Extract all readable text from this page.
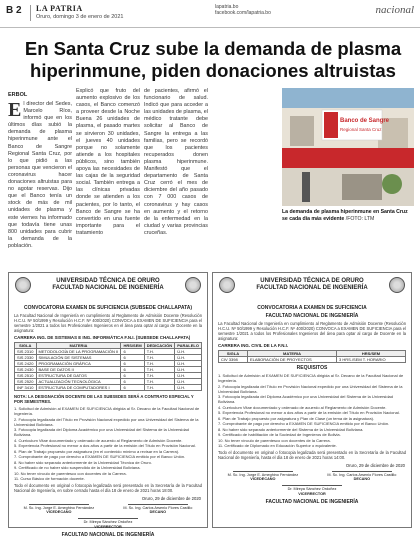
B 2 LA PATRIA
Oruro, domingo 3 de enero de 2021
lapatria.bo facebook.com/lapatria.bo	nacional
En Santa Cruz sube la demanda de plasma hiperinmune, piden donaciones altruistas
ERBOL
E l director del Sedes, Marcelo Ríos, informó que en los últimos días subió la demanda de plasma hiperinmune ante el Banco de Sangre Regional Santa Cruz, por lo que pidió a las personas que vencieron el coronavirus hacer donaciones altruistas para no agotar reservas. Dijo que el Banco tenía un stock de más de mil unidades de plasma y este viernes ha informado que todavía tiene unas 800 unidades para cubrir la demanda de la población.
Explicó que fruto del aumento explosivo de los casos, el Banco comenzó a proveer desde la Noche Buena 26 unidades de plasma, el pasado martes se sirvieron 30 unidades, el jueves 40 unidades porque no solamente atiende a los hospitales públicos, sino también apoya las necesidades de las cajas de la seguridad social. También entrega a las clínicas privadas donde se atienden a los pacientes, por lo tanto, el Banco de Sangre se ha convertido en una fuente importante para el tratamiento
de pacientes, afirmó el funcionario de salud. Indicó que para acceder a las unidades de plasma, el médico tratante debe solicitar al Banco de Sangre la entrega a las familias, pero se recordó que los pacientes recuperados donen plasma hiperinmune. Manifestó que el departamento de Santa Cruz cerró el mes de diciembre del año pasado con 7 000 casos de coronavirus y hay casos en aumento y el retorno de la enfermedad en la ciudad y varias provincias cruceñas.
Banco de Sangre
Regional Santa Cruz
La demanda de plasma hiperinmune en Santa Cruz se cada día más evidente /FOTO: LTM
UNIVERSIDAD TÉCNICA DE ORURO
FACULTAD NACIONAL DE INGENIERÍA
CONVOCATORIA EXAMEN DE SUFICIENCIA (SUBSEDE CHALLAPATA)
La Facultad Nacional de Ingeniería en cumplimiento al Reglamento de Admisión Docente (Resolución H.C.U. Nº 50/1999 y Resolución H.C.F. Nº 400/2020) CONVOCA a EXAMEN DE SUFICIENCIA para el semestre 1/2021 a todos los Profesionales Ingenieros en el área para optar al cargo de Docente en la asignatura:
CARRERA ING. DE SISTEMAS E ING. INFORMÁTICA F.N.I. (SUBSEDE CHALLAPATA)
SIGLA	MATERIA	HRS/SEM	DEDICACIÓN	PARALELO
SIS 2310	METODOLOGÍA DE LA PROGRAMACIÓN II	6	T.H.	Ú.H.
SIS 2330	SIMULACIÓN DE SISTEMAS	6	T.H.	Ú.H.
SIS 2420	PROGRAMACIÓN GRÁFICA	6	T.H.	Ú.H.
SIS 2430	BASE DE DATOS II	6	T.H.	Ú.H.
SIS 2510	ESTRUCTURA DE DATOS	6	T.H.	Ú.H.
SIS 2520	ACTUALIZACIÓN TECNOLÓGICA	6	T.H.	Ú.H.
INF 3410	ESTRUCTURA DE COMPUTADORES I	6	T.H.	Ú.H.
NOTA: LA DESIGNACIÓN DOCENTE DE LAS SUBSEDES SERÁ A CONTRATO ESPECIAL Y POR SEMESTRES.
1. Solicitud de Admisión al EXAMEN DE SUFICIENCIA dirigida al Sr. Decano de la Facultad Nacional de Ingeniería.
2. Fotocopia legalizada del Título en Provisión Nacional expedido por una Universidad del Sistema de la Universidad Boliviana.
3. Fotocopia legalizada del Diploma Académico por una Universidad del Sistema de la Universidad Boliviana.
4. Curriculum Vitae documentado y ordenado de acuerdo al Reglamento de Admisión Docente.
5. Experiencia Profesional no menor a dos años a partir de la emisión del Título en Provisión Nacional.
6. Plan de Trabajo propuesto por asignatura (en el contenido mínimo a revisar en la Carrera).
7. Comprobante de pago por derecho a EXAMEN DE SUFICIENCIA emitido por el Banco Unión.
8. No haber sido separado anteriormente de la Universidad Técnica de Oruro.
9. Certificado de no haber sido suspendido de la Universidad Boliviana.
10. No tener vínculo de parentesco con docentes de la Carrera.
11. Curso Básico de formación docente.
Todo el documento en original o fotocopia legalizada será presentado en la Secretaría de la Facultad Nacional de Ingeniería, en sobre cerrado hasta el día 18 de enero de 2021 horas 18:00.
Oruro, 29 de diciembre de 2020
M. Sc. Ing. Jorge E. Ameghino Fernández
VICEDECANO
M. Sc. Ing. Carlos Arsenio Flores Castillo
DECANO
Dr. Mireya Sánchez Ordoñez
VICERRECTOR
FACULTAD NACIONAL DE INGENIERÍA
UNIVERSIDAD TÉCNICA DE ORURO
FACULTAD NACIONAL DE INGENIERÍA
CONVOCATORIA A EXAMEN DE SUFICIENCIA
FACULTAD NACIONAL DE INGENIERÍA
La Facultad Nacional de Ingeniería en cumplimiento al Reglamento de Admisión Docente (Resolución H.C.U. Nº 50/1999 y Resolución H.C.F. Nº 400/2020) CONVOCA a EXAMEN DE SUFICIENCIA para el semestre 1/2021 a todos los Profesionales Ingenieros del área para optar al cargo de Docente en la asignatura:
CARRERA ING. CIVIL DE LA F.N.I.
SIGLA	MATERIA	HRS/SEM
CIV 3398	ELABORACIÓN DE PROYECTOS	3 HRS./SEM T. HORARIO
REQUISITOS
1. Solicitud de Admisión al EXAMEN DE SUFICIENCIA dirigida al Sr. Decano de la Facultad Nacional de Ingeniería.
2. Fotocopia legalizada del Título en Provisión Nacional expedido por una Universidad del Sistema de la Universidad Boliviana.
3. Fotocopia legalizada del Diploma Académico por una Universidad del Sistema de la Universidad Boliviana.
4. Curriculum Vitae documentado y ordenado de acuerdo al Reglamento de Admisión Docente.
5. Experiencia Profesional no menor a dos años a partir de la emisión del Título en Provisión Nacional.
6. Plan de Trabajo propuesto por asignatura y Plan de Clase (un tema de la asignatura).
7. Comprobante de pago por derecho a EXAMEN DE SUFICIENCIA emitido por el Banco Unión.
8. No haber sido separado anteriormente del Sistema de la Universidad Boliviana.
9. Certificado de habilitación de la Sociedad de Ingenieros de Bolivia.
10. No tener vínculo de parentesco con docentes de la Carrera.
11. Certificado de Diplomado en Educación Superior o equivalente.
Todo el documento en original o fotocopia legalizada será presentado en la Secretaría de la Facultad Nacional de Ingeniería, hasta el día 18 de enero de 2021 horas 14:00.
Oruro, 29 de diciembre de 2020
M. Sc. Ing. Jorge E. Ameghino Fernández
VICEDECANO
M. Sc. Ing. Carlos Arsenio Flores Castillo
DECANO
Dr. Mireya Sánchez Ordoñez
VICERRECTOR
FACULTAD NACIONAL DE INGENIERÍA
